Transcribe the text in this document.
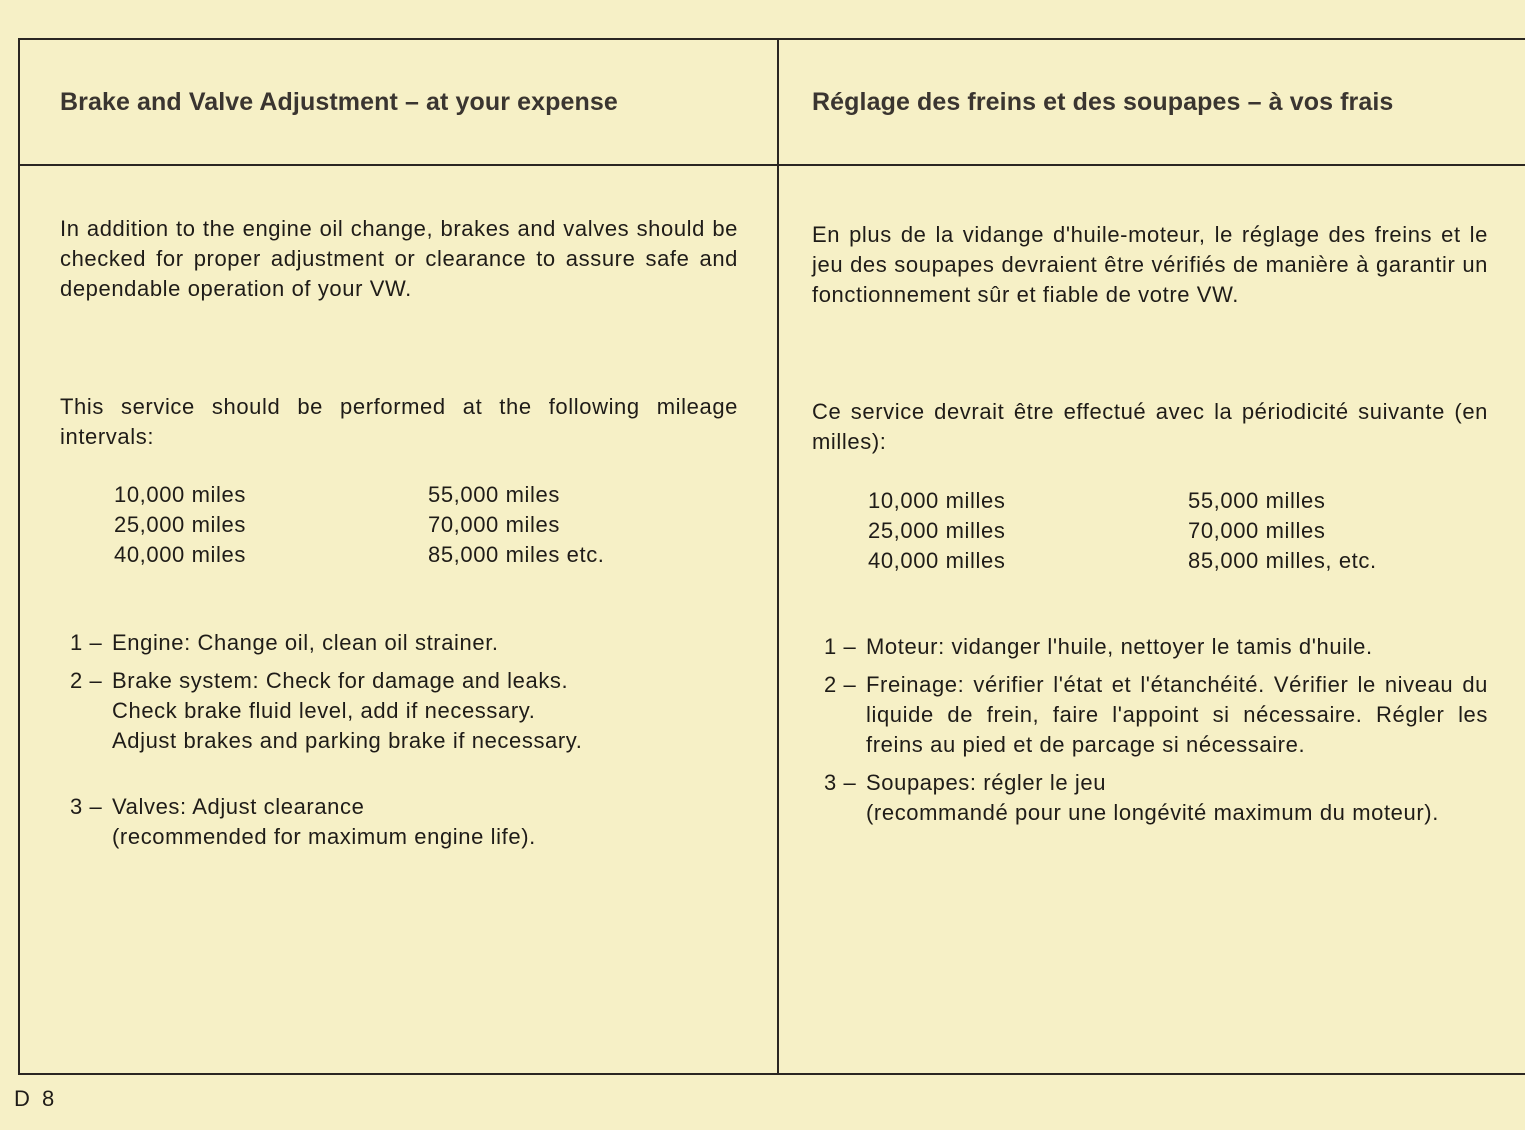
Brake and Valve Adjustment – at your expense
In addition to the engine oil change, brakes and valves should be checked for proper adjustment or clearance to assure safe and dependable operation of your VW.
This service should be performed at the following mileage intervals:
10,000 miles
25,000 miles
40,000 miles
55,000 miles
70,000 miles
85,000 miles etc.
1 – Engine: Change oil, clean oil strainer.
2 – Brake system: Check for damage and leaks.
Check brake fluid level, add if necessary.
Adjust brakes and parking brake if necessary.
3 – Valves: Adjust clearance
(recommended for maximum engine life).
Réglage des freins et des soupapes – à vos frais
En plus de la vidange d'huile-moteur, le réglage des freins et le jeu des soupapes devraient être vérifiés de manière à garantir un fonctionnement sûr et fiable de votre VW.
Ce service devrait être effectué avec la périodicité suivante (en milles):
10,000 milles
25,000 milles
40,000 milles
55,000 milles
70,000 milles
85,000 milles, etc.
1 – Moteur: vidanger l'huile, nettoyer le tamis d'huile.
2 – Freinage: vérifier l'état et l'étanchéité. Vérifier le niveau du liquide de frein, faire l'appoint si nécessaire. Régler les freins au pied et de parcage si nécessaire.
3 – Soupapes: régler le jeu
(recommandé pour une longévité maximum du moteur).
D 8
